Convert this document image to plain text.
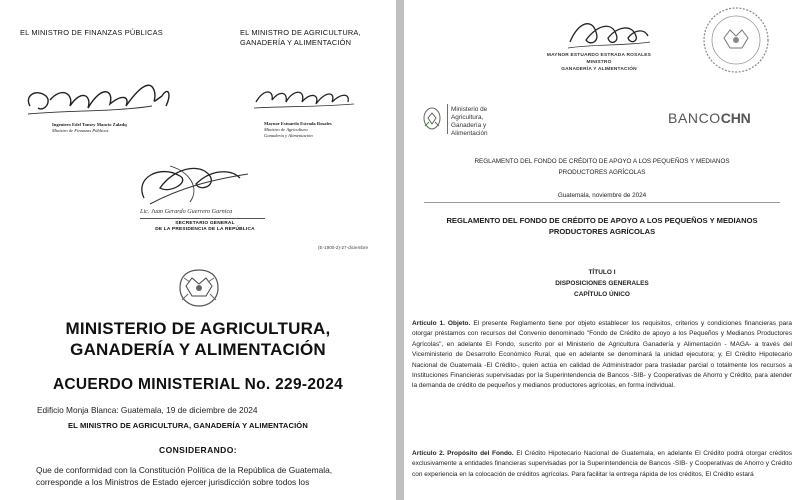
EL MINISTRO DE FINANZAS PÚBLICAS	EL MINISTRO DE AGRICULTURA,
GANADERÍA Y ALIMENTACIÓN
Ingeniero Edel Tonsey Mancio Zaladq
Ministro de Finanzas Públicas
Maynor Estuardo Estrada Rosales
Ministro de Agricultura
Ganadería y Alimentación
Lic. Juan Gerardo Guerrero Garnica
SECRETARIO GENERAL
DE LA PRESIDENCIA DE LA REPÚBLICA
(E-1900-2)-27-diciembre
MINISTERIO DE AGRICULTURA,
GANADERÍA Y ALIMENTACIÓN
ACUERDO MINISTERIAL No. 229-2024
Edificio Monja Blanca: Guatemala, 19 de diciembre de 2024
EL MINISTRO DE AGRICULTURA, GANADERÍA Y ALIMENTACIÓN
CONSIDERANDO:
Que de conformidad con la Constitución Política de la República de Guatemala,
corresponde a los Ministros de Estado ejercer jurisdicción sobre todos los
MAYNOR ESTUARDO ESTRADA ROSALES
MINISTRO
GANADERÍA Y ALIMENTACIÓN
Ministerio de
Agricultura,
Ganadería y
Alimentación
BANCOCHN
REGLAMENTO DEL FONDO DE CRÉDITO DE APOYO A LOS PEQUEÑOS Y MEDIANOS
PRODUCTORES AGRÍCOLAS
Guatemala, noviembre de 2024
REGLAMENTO DEL FONDO DE CRÉDITO DE APOYO A LOS PEQUEÑOS Y MEDIANOS
PRODUCTORES AGRÍCOLAS
TÍTULO I
DISPOSICIONES GENERALES
CAPÍTULO ÚNICO
Artículo 1. Objeto. El presente Reglamento tiene por objeto establecer los requisitos, criterios y condiciones financieras para otorgar préstamos con recursos del Convenio denominado "Fondo de Crédito de apoyo a los Pequeños y Medianos Productores Agrícolas", en adelante El Fondo, suscrito por el Ministerio de Agricultura Ganadería y Alimentación - MAGA- a través del Viceministerio de Desarrollo Económico Rural, que en adelante se denominará la unidad ejecutora; y, El Crédito Hipotecario Nacional de Guatemala -El Crédito-, quien actúa en calidad de Administrador para trasladar parcial o totalmente los recursos a Instituciones Financieras supervisadas por la Superintendencia de Bancos -SIB- y Cooperativas de Ahorro y Crédito, para atender la demanda de crédito de pequeños y medianos productores agrícolas, en forma individual.
Artículo 2. Propósito del Fondo. El Crédito Hipotecario Nacional de Guatemala, en adelante El Crédito podrá otorgar créditos exclusivamente a entidades financieras supervisadas por la Superintendencia de Bancos -SIB- y Cooperativas de Ahorro y Crédito con experiencia en la colocación de créditos agrícolas. Para facilitar la entrega rápida de los créditos, El Crédito estará
